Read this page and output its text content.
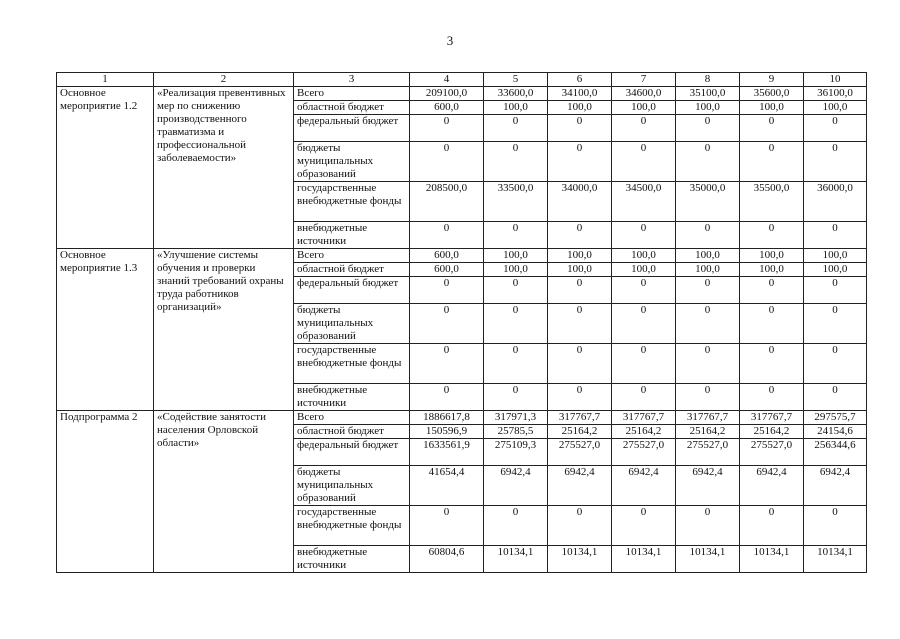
3
1	2	3	4	5	6	7	8	9	10
Основное мероприятие 1.2	«Реализация превентивных мер по снижению производственного травматизма и профессиональной заболеваемости»	Всего	209100,0	33600,0	34100,0	34600,0	35100,0	35600,0	36100,0
		областной бюджет	600,0	100,0	100,0	100,0	100,0	100,0	100,0
		федеральный бюджет	0	0	0	0	0	0	0
		бюджеты муниципальных образований	0	0	0	0	0	0	0
		государственные внебюджетные фонды	208500,0	33500,0	34000,0	34500,0	35000,0	35500,0	36000,0
		внебюджетные источники	0	0	0	0	0	0	0
Основное мероприятие 1.3	«Улучшение системы обучения и проверки знаний требований охраны труда работников организаций»	Всего	600,0	100,0	100,0	100,0	100,0	100,0	100,0
		областной бюджет	600,0	100,0	100,0	100,0	100,0	100,0	100,0
		федеральный бюджет	0	0	0	0	0	0	0
		бюджеты муниципальных образований	0	0	0	0	0	0	0
		государственные внебюджетные фонды	0	0	0	0	0	0	0
		внебюджетные источники	0	0	0	0	0	0	0
Подпрограмма 2	«Содействие занятости населения Орловской области»	Всего	1886617,8	317971,3	317767,7	317767,7	317767,7	317767,7	297575,7
		областной бюджет	150596,9	25785,5	25164,2	25164,2	25164,2	25164,2	24154,6
		федеральный бюджет	1633561,9	275109,3	275527,0	275527,0	275527,0	275527,0	256344,6
		бюджеты муниципальных образований	41654,4	6942,4	6942,4	6942,4	6942,4	6942,4	6942,4
		государственные внебюджетные фонды	0	0	0	0	0	0	0
		внебюджетные источники	60804,6	10134,1	10134,1	10134,1	10134,1	10134,1	10134,1
